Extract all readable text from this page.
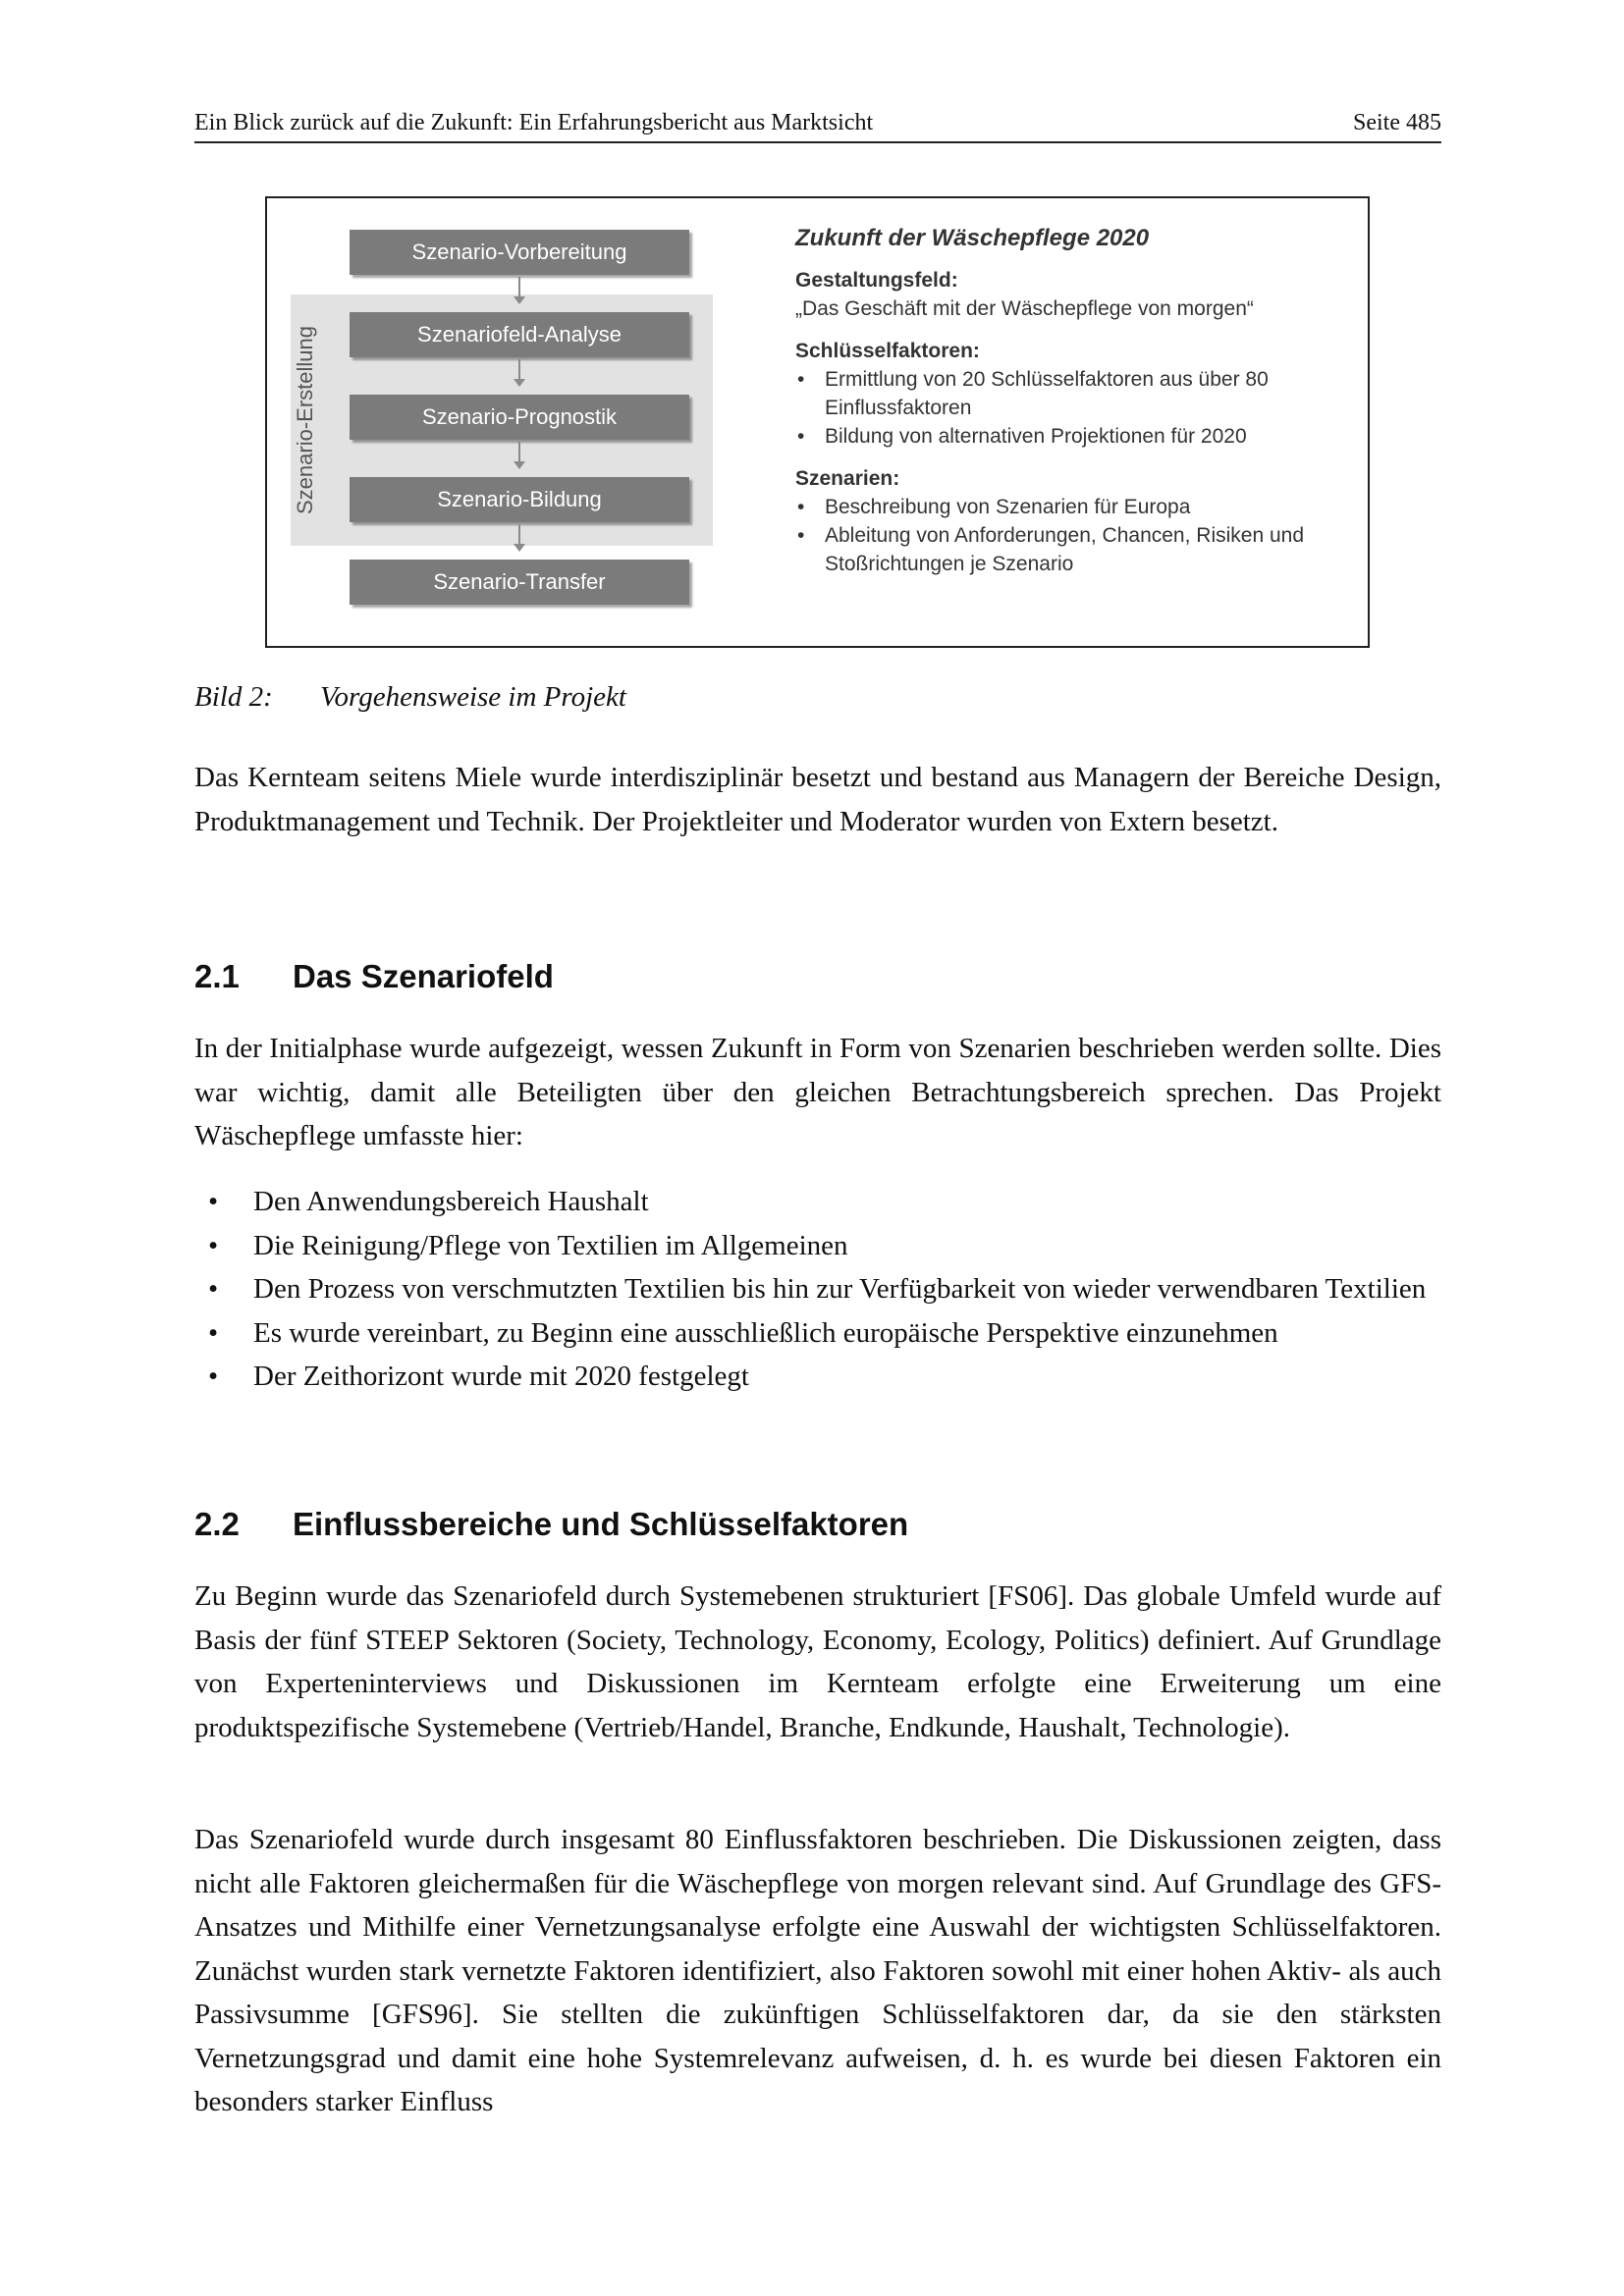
Ein Blick zurück auf die Zukunft: Ein Erfahrungsbericht aus Marktsicht	Seite 485
Szenario-Erstellung
Szenario-Vorbereitung
Szenariofeld-Analyse
Szenario-Prognostik
Szenario-Bildung
Szenario-Transfer
Zukunft der Wäschepflege 2020
Gestaltungsfeld:
„Das Geschäft mit der Wäschepflege von morgen“
Schlüsselfaktoren:
• Ermittlung von 20 Schlüsselfaktoren aus über 80 Einflussfaktoren
• Bildung von alternativen Projektionen für 2020
Szenarien:
• Beschreibung von Szenarien für Europa
• Ableitung von Anforderungen, Chancen, Risiken und Stoßrichtungen je Szenario
Bild 2: Vorgehensweise im Projekt

Das Kernteam seitens Miele wurde interdisziplinär besetzt und bestand aus Managern der Bereiche Design, Produktmanagement und Technik. Der Projektleiter und Moderator wurden von Extern besetzt.

2.1 Das Szenariofeld

In der Initialphase wurde aufgezeigt, wessen Zukunft in Form von Szenarien beschrieben werden sollte. Dies war wichtig, damit alle Beteiligten über den gleichen Betrachtungsbereich sprechen. Das Projekt Wäschepflege umfasste hier:

• Den Anwendungsbereich Haushalt
• Die Reinigung/Pflege von Textilien im Allgemeinen
• Den Prozess von verschmutzten Textilien bis hin zur Verfügbarkeit von wieder verwendbaren Textilien
• Es wurde vereinbart, zu Beginn eine ausschließlich europäische Perspektive einzunehmen
• Der Zeithorizont wurde mit 2020 festgelegt
2.2 Einflussbereiche und Schlüsselfaktoren

Zu Beginn wurde das Szenariofeld durch Systemebenen strukturiert [FS06]. Das globale Umfeld wurde auf Basis der fünf STEEP Sektoren (Society, Technology, Economy, Ecology, Politics) definiert. Auf Grundlage von Experteninterviews und Diskussionen im Kernteam erfolgte eine Erweiterung um eine produktspezifische Systemebene (Vertrieb/Handel, Branche, Endkunde, Haushalt, Technologie).

Das Szenariofeld wurde durch insgesamt 80 Einflussfaktoren beschrieben. Die Diskussionen zeigten, dass nicht alle Faktoren gleichermaßen für die Wäschepflege von morgen relevant sind. Auf Grundlage des GFS-Ansatzes und Mithilfe einer Vernetzungsanalyse erfolgte eine Auswahl der wichtigsten Schlüsselfaktoren. Zunächst wurden stark vernetzte Faktoren identifiziert, also Faktoren sowohl mit einer hohen Aktiv- als auch Passivsumme [GFS96]. Sie stellten die zukünftigen Schlüsselfaktoren dar, da sie den stärksten Vernetzungsgrad und damit eine hohe Systemrelevanz aufweisen, d. h. es wurde bei diesen Faktoren ein besonders starker Einfluss
